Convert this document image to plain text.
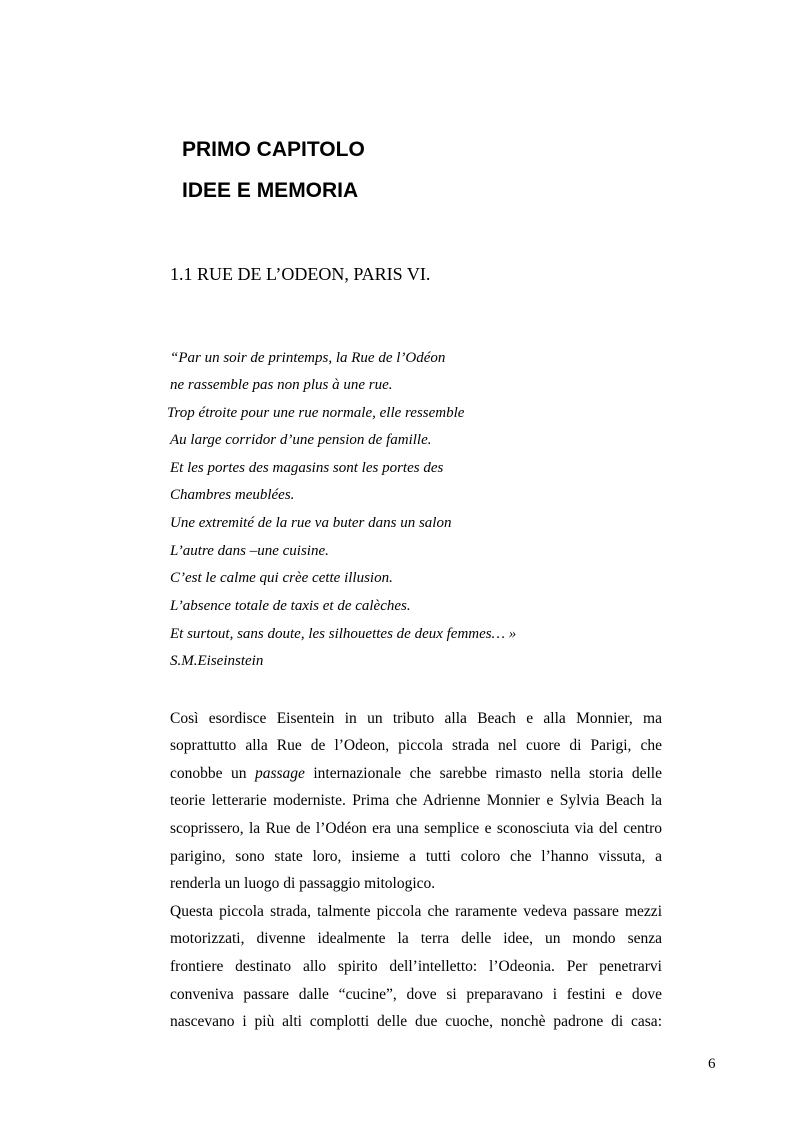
PRIMO CAPITOLO
IDEE E MEMORIA
1.1 RUE DE L’ODEON, PARIS VI.

“Par un soir de printemps, la Rue de l’Odéon

ne rassemble pas non plus à une rue.

Trop étroite pour une rue normale, elle ressemble

Au large corridor d’une pension de famille.

Et les portes des magasins sont les portes des

Chambres meublées.

Une extremité de la rue va buter dans un salon

L’autre dans –une cuisine.

C’est le calme qui crèe cette illusion.

L’absence totale de taxis et de calèches.

Et surtout, sans doute, les silhouettes de deux femmes… »

S.M.Eiseinstein

Così esordisce Eisentein in un tributo alla Beach e alla Monnier, ma

soprattutto alla Rue de l’Odeon, piccola strada nel cuore di Parigi, che

conobbe un passage internazionale che sarebbe rimasto nella storia delle

teorie letterarie moderniste. Prima che Adrienne Monnier e Sylvia Beach la

scoprissero, la Rue de l’Odéon era una semplice e sconosciuta via del centro

parigino, sono state loro, insieme a tutti coloro che l’hanno vissuta, a

renderla un luogo di passaggio mitologico.

Questa piccola strada, talmente piccola che raramente vedeva passare mezzi

motorizzati, divenne idealmente la terra delle idee, un mondo senza

frontiere destinato allo spirito dell’intelletto: l’Odeonia. Per penetrarvi

conveniva passare dalle “cucine”, dove si preparavano i festini e dove

nascevano i più alti complotti delle due cuoche, nonchè padrone di casa:

6
